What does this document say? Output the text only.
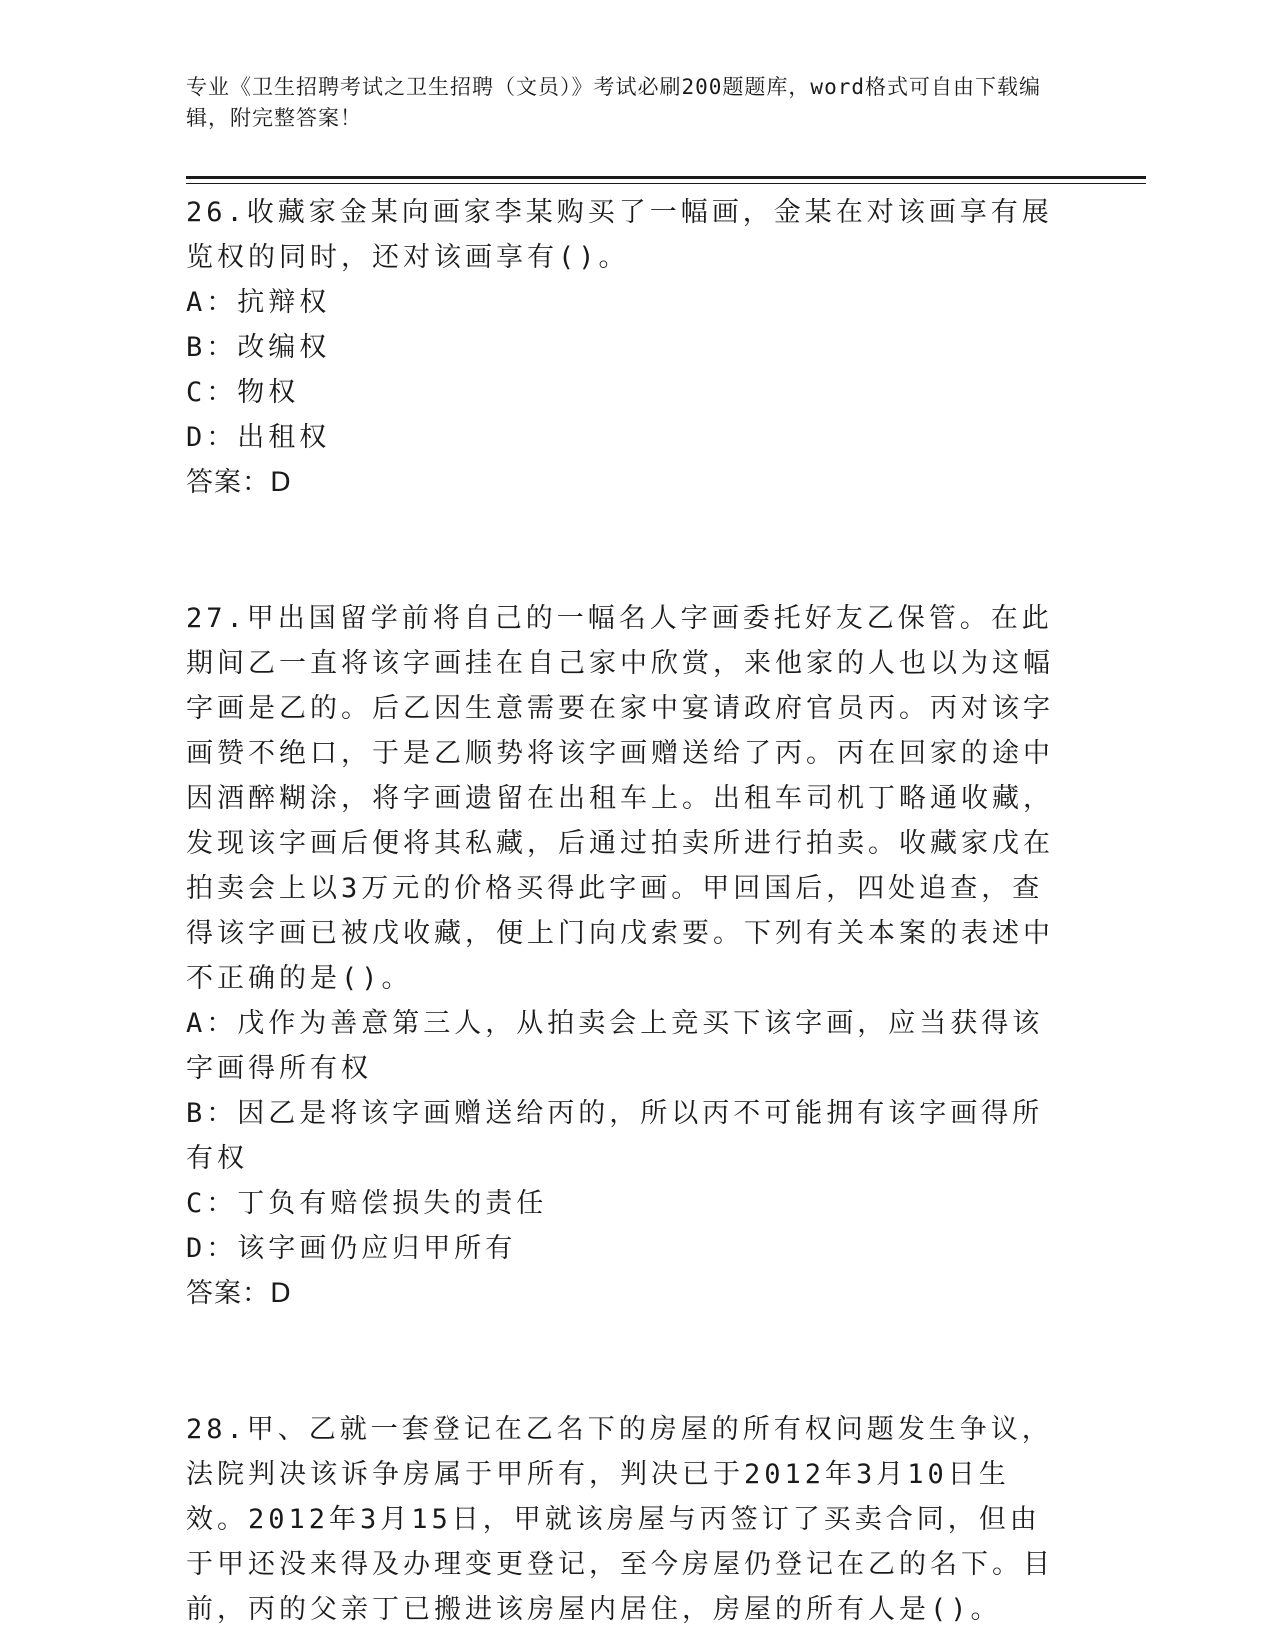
专业《卫生招聘考试之卫生招聘（文员）》考试必刷200题题库，word格式可自由下载编辑，附完整答案！
26.收藏家金某向画家李某购买了一幅画，金某在对该画享有展览权的同时，还对该画享有()。
A：抗辩权
B：改编权
C：物权
D：出租权
答案：D
27.甲出国留学前将自己的一幅名人字画委托好友乙保管。在此期间乙一直将该字画挂在自己家中欣赏，来他家的人也以为这幅字画是乙的。后乙因生意需要在家中宴请政府官员丙。丙对该字画赞不绝口，于是乙顺势将该字画赠送给了丙。丙在回家的途中因酒醉糊涂，将字画遗留在出租车上。出租车司机丁略通收藏，发现该字画后便将其私藏，后通过拍卖所进行拍卖。收藏家戊在拍卖会上以3万元的价格买得此字画。甲回国后，四处追查，查得该字画已被戊收藏，便上门向戊索要。下列有关本案的表述中不正确的是()。
A：戊作为善意第三人，从拍卖会上竞买下该字画，应当获得该字画得所有权
B：因乙是将该字画赠送给丙的，所以丙不可能拥有该字画得所有权
C：丁负有赔偿损失的责任
D：该字画仍应归甲所有
答案：D
28.甲、乙就一套登记在乙名下的房屋的所有权问题发生争议，法院判决该诉争房属于甲所有，判决已于2012年3月10日生效。2012年3月15日，甲就该房屋与丙签订了买卖合同，但由于甲还没来得及办理变更登记，至今房屋仍登记在乙的名下。目前，丙的父亲丁已搬进该房屋内居住，房屋的所有人是()。
